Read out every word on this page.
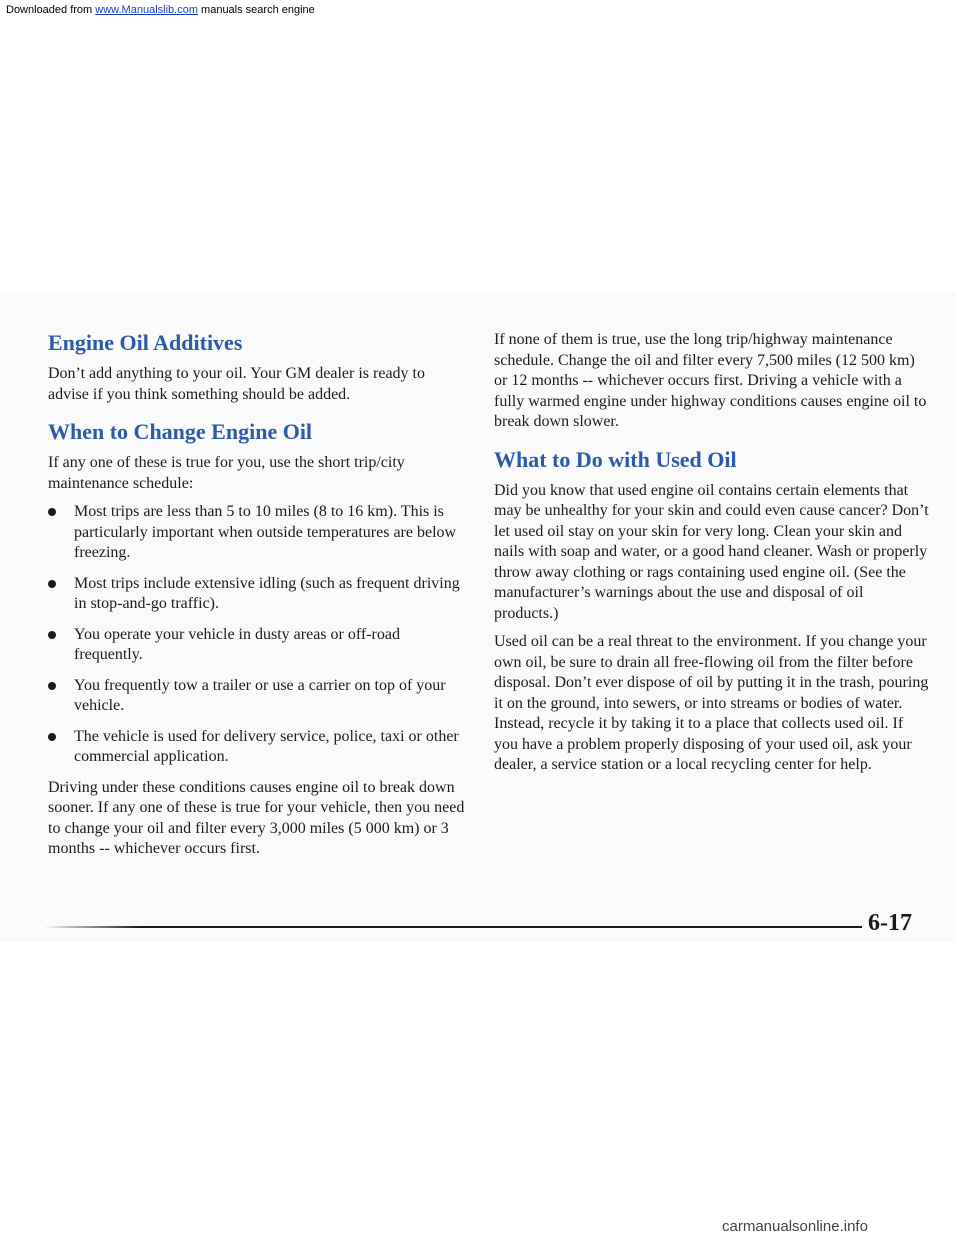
Downloaded from www.Manualslib.com manuals search engine
Engine Oil Additives

Don’t add anything to your oil. Your GM dealer is ready to advise if you think something should be added.

When to Change Engine Oil

If any one of these is true for you, use the short trip/city maintenance schedule:

Most trips are less than 5 to 10 miles (8 to 16 km). This is particularly important when outside temperatures are below freezing.
Most trips include extensive idling (such as frequent driving in stop-and-go traffic).
You operate your vehicle in dusty areas or off-road frequently.
You frequently tow a trailer or use a carrier on top of your vehicle.
The vehicle is used for delivery service, police, taxi or other commercial application.

Driving under these conditions causes engine oil to break down sooner. If any one of these is true for your vehicle, then you need to change your oil and filter every 3,000 miles (5 000 km) or 3 months -- whichever occurs first.

If none of them is true, use the long trip/highway maintenance schedule. Change the oil and filter every 7,500 miles (12 500 km) or 12 months -- whichever occurs first. Driving a vehicle with a fully warmed engine under highway conditions causes engine oil to break down slower.

What to Do with Used Oil

Did you know that used engine oil contains certain elements that may be unhealthy for your skin and could even cause cancer? Don’t let used oil stay on your skin for very long. Clean your skin and nails with soap and water, or a good hand cleaner. Wash or properly throw away clothing or rags containing used engine oil. (See the manufacturer’s warnings about the use and disposal of oil products.)

Used oil can be a real threat to the environment. If you change your own oil, be sure to drain all free-flowing oil from the filter before disposal. Don’t ever dispose of oil by putting it in the trash, pouring it on the ground, into sewers, or into streams or bodies of water. Instead, recycle it by taking it to a place that collects used oil. If you have a problem properly disposing of your used oil, ask your dealer, a service station or a local recycling center for help.

6-17
carmanualsonline.info
